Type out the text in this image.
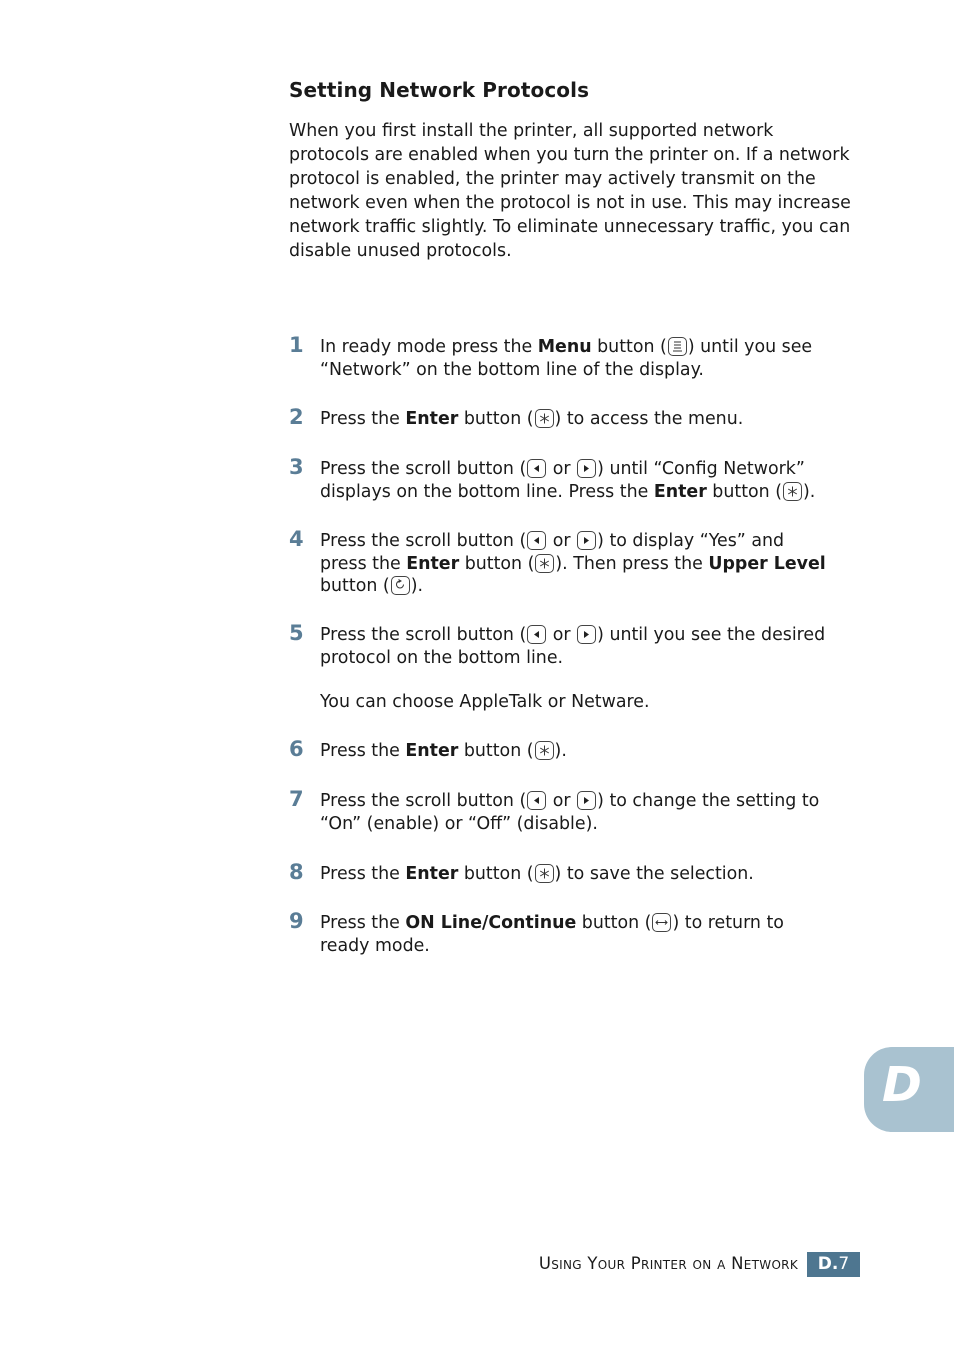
Setting Network Protocols

When you first install the printer, all supported network
protocols are enabled when you turn the printer on. If a network
protocol is enabled, the printer may actively transmit on the
network even when the protocol is not in use. This may increase
network traffic slightly. To eliminate unnecessary traffic, you can
disable unused protocols.

1 In ready mode press the Menu button ( ) until you see
“Network” on the bottom line of the display.
2 Press the Enter button ( ) to access the menu.
3 Press the scroll button (
or
) until “Config Network”
displays on the bottom line. Press the Enter button ( ).
4 Press the scroll button (
or
) to display “Yes” and
press the Enter button ( ). Then press the Upper Level
button ( ).
5 Press the scroll button (
or
) until you see the desired
protocol on the bottom line.
You can choose AppleTalk or Netware.
6 Press the Enter button ( ).
7 Press the scroll button (
or
) to change the setting to
“On” (enable) or “Off” (disable).
8 Press the Enter button ( ) to save the selection.
9 Press the ON Line/Continue button ( ) to return to
ready mode.
D
Using Your Printer on a Network	D.7
